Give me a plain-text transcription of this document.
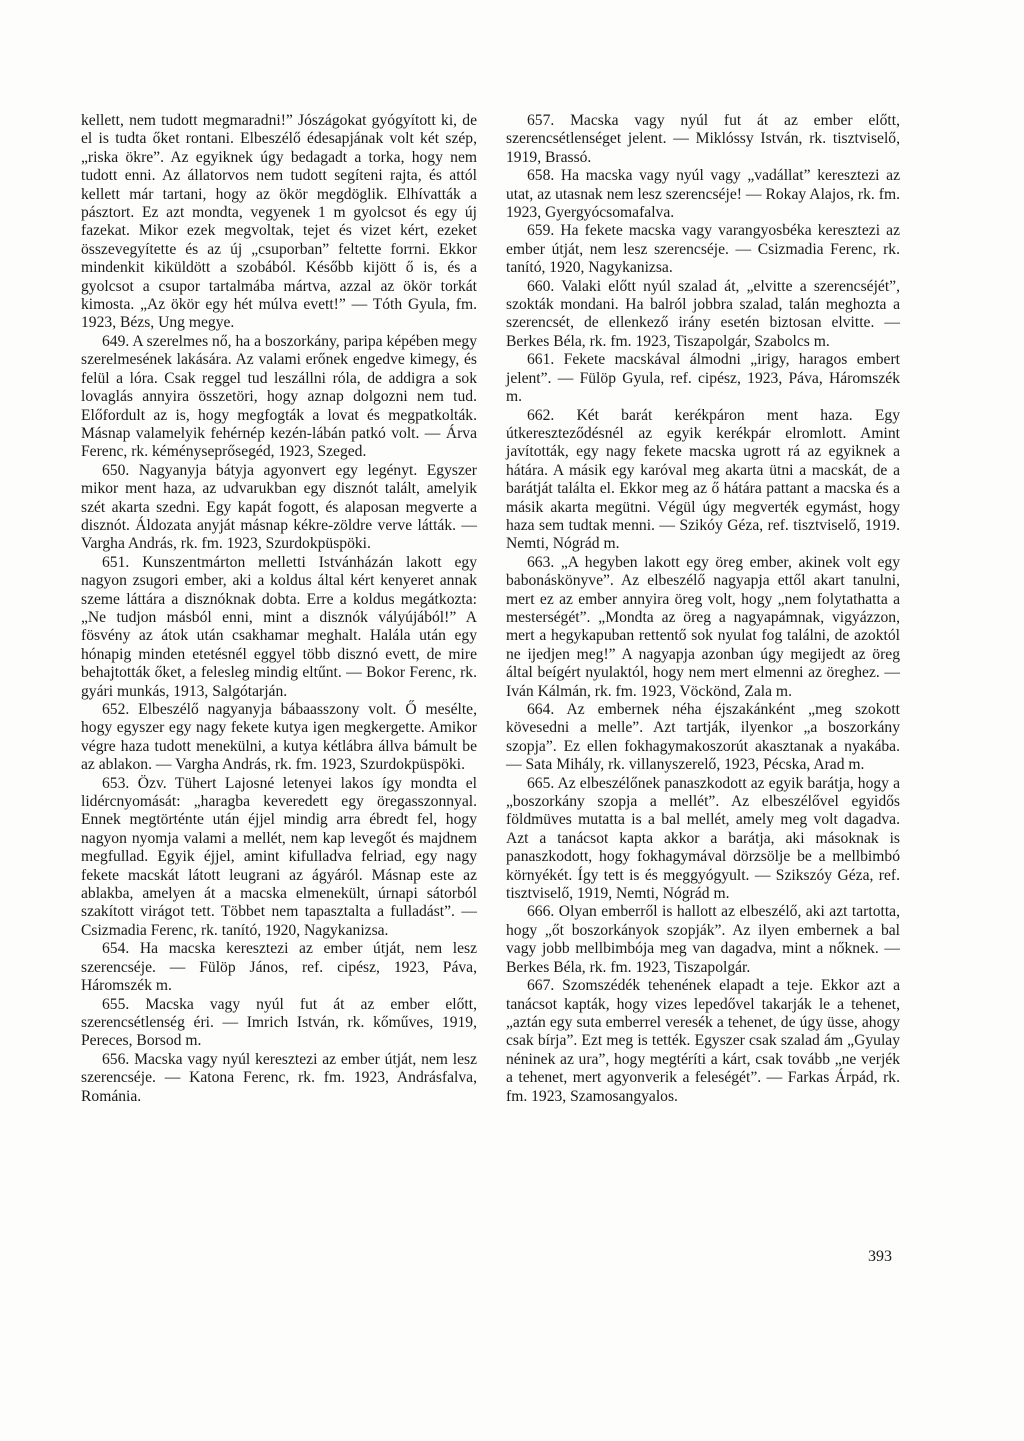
kellett, nem tudott megmaradni!” Jószágokat gyógyított ki, de el is tudta őket rontani. Elbeszélő édesapjának volt két szép, „riska ökre”. Az egyiknek úgy bedagadt a torka, hogy nem tudott enni. Az állatorvos nem tudott segíteni rajta, és attól kellett már tartani, hogy az ökör megdöglik. Elhívatták a pásztort. Ez azt mondta, vegyenek 1 m gyolcsot és egy új fazekat. Mikor ezek megvoltak, tejet és vizet kért, ezeket összevegyítette és az új „csuporban” feltette forrni. Ekkor mindenkit kiküldött a szobából. Később kijött ő is, és a gyolcsot a csupor tartalmába mártva, azzal az ökör torkát kimosta. „Az ökör egy hét múlva evett!” — Tóth Gyula, fm. 1923, Bézs, Ung megye.

649. A szerelmes nő, ha a boszorkány, paripa képében megy szerelmesének lakására. Az valami erőnek engedve kimegy, és felül a lóra. Csak reggel tud leszállni róla, de addigra a sok lovaglás annyira összetöri, hogy aznap dolgozni nem tud. Előfordult az is, hogy megfogták a lovat és megpatkolták. Másnap valamelyik fehérnép kezén-lábán patkó volt. — Árva Ferenc, rk. kéményseprősegéd, 1923, Szeged.

650. Nagyanyja bátyja agyonvert egy legényt. Egyszer mikor ment haza, az udvarukban egy disznót talált, amelyik szét akarta szedni. Egy kapát fogott, és alaposan megverte a disznót. Áldozata anyját másnap kékre-zöldre verve látták. — Vargha András, rk. fm. 1923, Szurdokpüspöki.

651. Kunszentmárton melletti Istvánházán lakott egy nagyon zsugori ember, aki a koldus által kért kenyeret annak szeme láttára a disznóknak dobta. Erre a koldus megátkozta: „Ne tudjon másból enni, mint a disznók vályújából!” A fösvény az átok után csakhamar meghalt. Halála után egy hónapig minden etetésnél eggyel több disznó evett, de mire behajtották őket, a felesleg mindig eltűnt. — Bokor Ferenc, rk. gyári munkás, 1913, Salgótarján.

652. Elbeszélő nagyanyja bábaasszony volt. Ő mesélte, hogy egyszer egy nagy fekete kutya igen megkergette. Amikor végre haza tudott menekülni, a kutya kétlábra állva bámult be az ablakon. — Vargha András, rk. fm. 1923, Szurdokpüspöki.

653. Özv. Tühert Lajosné letenyei lakos így mondta el lidércnyomását: „haragba keveredett egy öregasszonnyal. Ennek megtörténte után éjjel mindig arra ébredt fel, hogy nagyon nyomja valami a mellét, nem kap levegőt és majdnem megfullad. Egyik éjjel, amint kifulladva felriad, egy nagy fekete macskát látott leugrani az ágyáról. Másnap este az ablakba, amelyen át a macska elmenekült, úrnapi sátorból szakított virágot tett. Többet nem tapasztalta a fulladást”. — Csizmadia Ferenc, rk. tanító, 1920, Nagykanizsa.

654. Ha macska keresztezi az ember útját, nem lesz szerencséje. — Fülöp János, ref. cipész, 1923, Páva, Háromszék m.

655. Macska vagy nyúl fut át az ember előtt, szerencsétlenség éri. — Imrich István, rk. kőműves, 1919, Pereces, Borsod m.

656. Macska vagy nyúl keresztezi az ember útját, nem lesz szerencséje. — Katona Ferenc, rk. fm. 1923, Andrásfalva, Románia.

657. Macska vagy nyúl fut át az ember előtt, szerencsétlenséget jelent. — Miklóssy István, rk. tisztviselő, 1919, Brassó.

658. Ha macska vagy nyúl vagy „vadállat” keresztezi az utat, az utasnak nem lesz szerencséje! — Rokay Alajos, rk. fm. 1923, Gyergyócsomafalva.

659. Ha fekete macska vagy varangyosbéka keresztezi az ember útját, nem lesz szerencséje. — Csizmadia Ferenc, rk. tanító, 1920, Nagykanizsa.

660. Valaki előtt nyúl szalad át, „elvitte a szerencséjét”, szokták mondani. Ha balról jobbra szalad, talán meghozta a szerencsét, de ellenkező irány esetén biztosan elvitte. — Berkes Béla, rk. fm. 1923, Tiszapolgár, Szabolcs m.

661. Fekete macskával álmodni „irigy, haragos embert jelent”. — Fülöp Gyula, ref. cipész, 1923, Páva, Háromszék m.

662. Két barát kerékpáron ment haza. Egy útkereszteződésnél az egyik kerékpár elromlott. Amint javították, egy nagy fekete macska ugrott rá az egyiknek a hátára. A másik egy karóval meg akarta ütni a macskát, de a barátját találta el. Ekkor meg az ő hátára pattant a macska és a másik akarta megütni. Végül úgy megverték egymást, hogy haza sem tudtak menni. — Szikóy Géza, ref. tisztviselő, 1919. Nemti, Nógrád m.

663. „A hegyben lakott egy öreg ember, akinek volt egy babonáskönyve”. Az elbeszélő nagyapja ettől akart tanulni, mert ez az ember annyira öreg volt, hogy „nem folytathatta a mesterségét”. „Mondta az öreg a nagyapámnak, vigyázzon, mert a hegykapuban rettentő sok nyulat fog találni, de azoktól ne ijedjen meg!” A nagyapja azonban úgy megijedt az öreg által beígért nyulaktól, hogy nem mert elmenni az öreghez. — Iván Kálmán, rk. fm. 1923, Vöckönd, Zala m.

664. Az embernek néha éjszakánként „meg szokott kövesedni a melle”. Azt tartják, ilyenkor „a boszorkány szopja”. Ez ellen fokhagymakoszorút akasztanak a nyakába. — Sata Mihály, rk. villanyszerelő, 1923, Pécska, Arad m.

665. Az elbeszélőnek panaszkodott az egyik barátja, hogy a „boszorkány szopja a mellét”. Az elbeszélővel egyidős földmüves mutatta is a bal mellét, amely meg volt dagadva. Azt a tanácsot kapta akkor a barátja, aki másoknak is panaszkodott, hogy fokhagymával dörzsölje be a mellbimbó környékét. Így tett is és meggyógyult. — Szikszóy Géza, ref. tisztviselő, 1919, Nemti, Nógrád m.

666. Olyan emberről is hallott az elbeszélő, aki azt tartotta, hogy „őt boszorkányok szopják”. Az ilyen embernek a bal vagy jobb mellbimbója meg van dagadva, mint a nőknek. — Berkes Béla, rk. fm. 1923, Tiszapolgár.

667. Szomszédék tehenének elapadt a teje. Ekkor azt a tanácsot kapták, hogy vizes lepedővel takarják le a tehenet, „aztán egy suta emberrel veresék a tehenet, de úgy üsse, ahogy csak bírja”. Ezt meg is tették. Egyszer csak szalad ám „Gyulay néninek az ura”, hogy megtéríti a kárt, csak tovább „ne verjék a tehenet, mert agyonverik a feleségét”. — Farkas Árpád, rk. fm. 1923, Szamosangyalos.

393
